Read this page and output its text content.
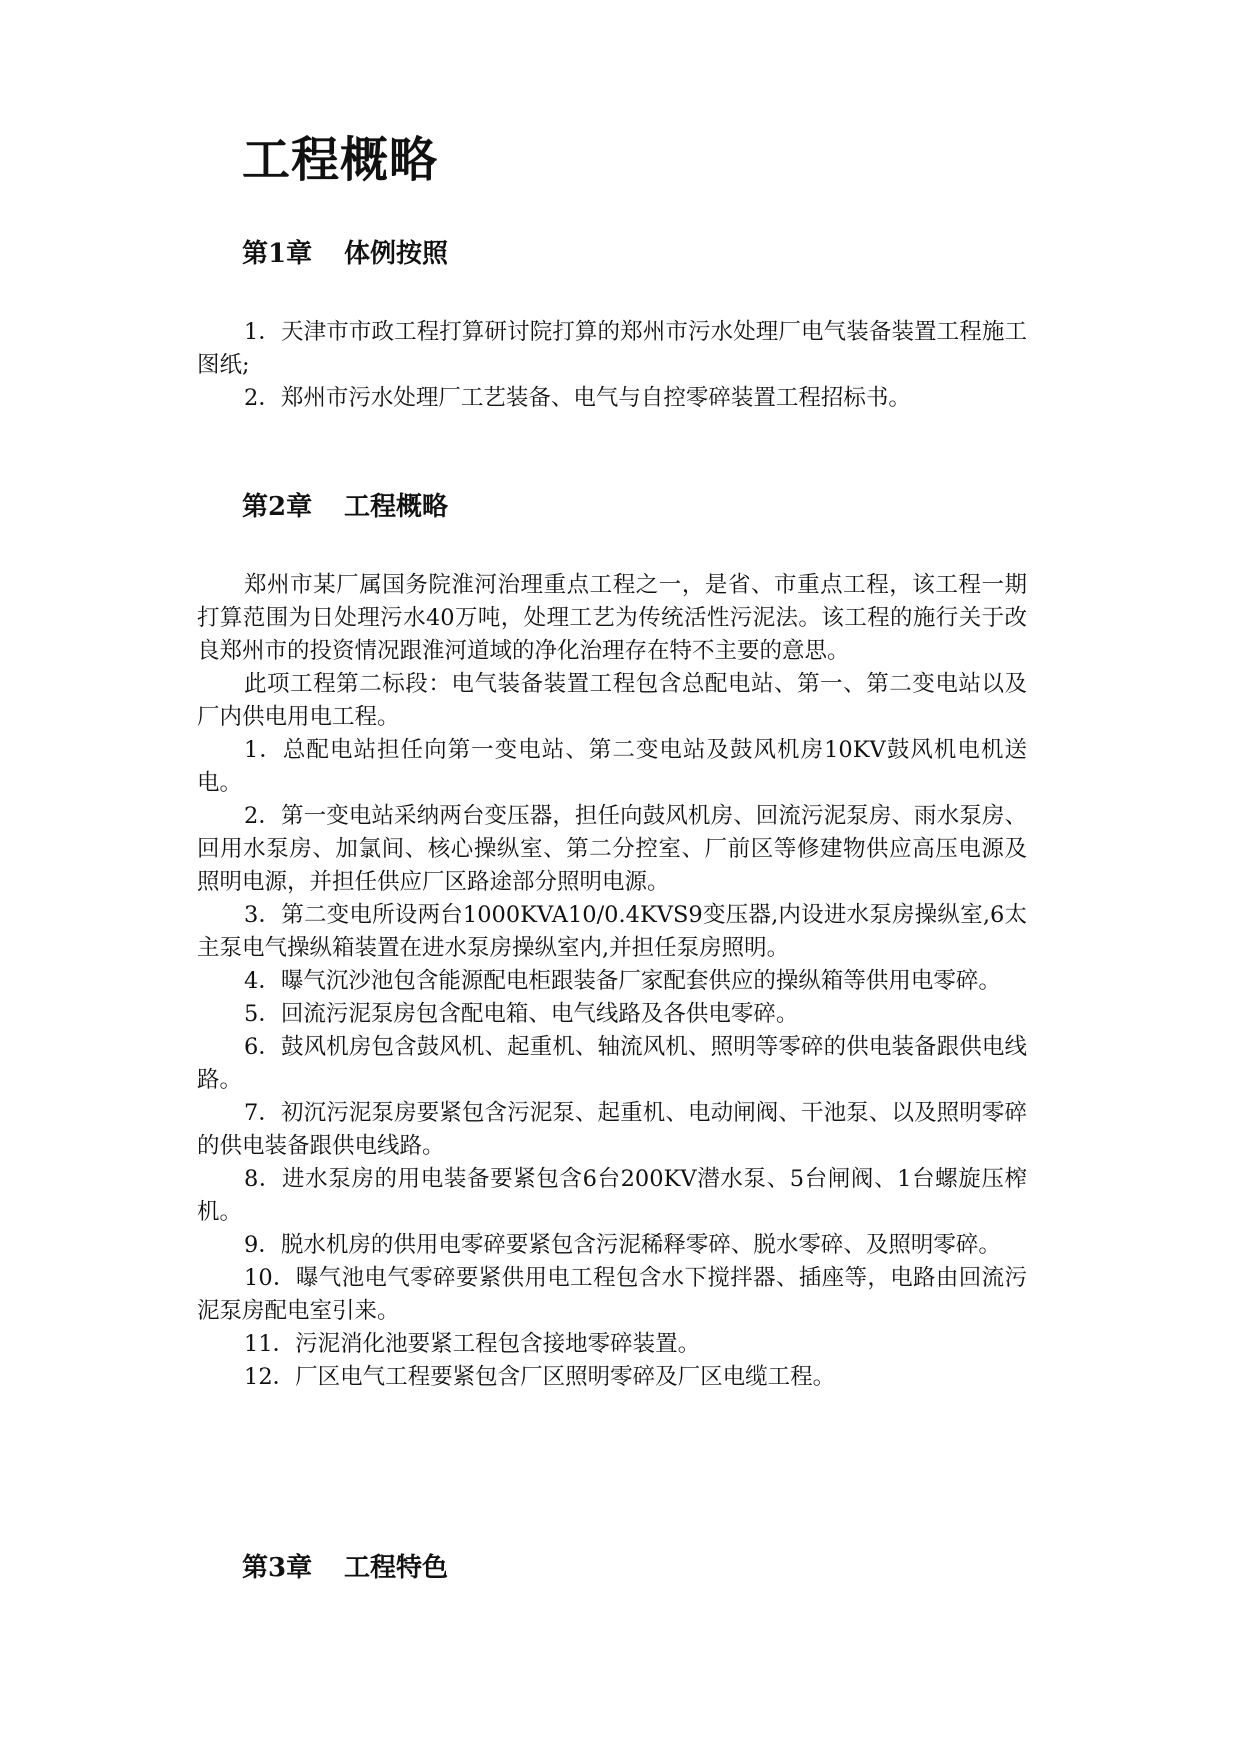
工程概略
第1章 体例按照

1．天津市市政工程打算研讨院打算的郑州市污水处理厂电气装备装置工程施工图纸;

2．郑州市污水处理厂工艺装备、电气与自控零碎装置工程招标书。

第2章 工程概略

郑州市某厂属国务院淮河治理重点工程之一，是省、市重点工程，该工程一期打算范围为日处理污水40万吨，处理工艺为传统活性污泥法。该工程的施行关于改良郑州市的投资情况跟淮河道域的净化治理存在特不主要的意思。

此项工程第二标段：电气装备装置工程包含总配电站、第一、第二变电站以及厂内供电用电工程。

1．总配电站担任向第一变电站、第二变电站及鼓风机房10KV鼓风机电机送电。

2．第一变电站采纳两台变压器，担任向鼓风机房、回流污泥泵房、雨水泵房、回用水泵房、加氯间、核心操纵室、第二分控室、厂前区等修建物供应高压电源及照明电源，并担任供应厂区路途部分照明电源。

3．第二变电所设两台1000KVA10/0.4KVS9变压器,内设进水泵房操纵室,6太主泵电气操纵箱装置在进水泵房操纵室内,并担任泵房照明。

4．曝气沉沙池包含能源配电柜跟装备厂家配套供应的操纵箱等供用电零碎。

5．回流污泥泵房包含配电箱、电气线路及各供电零碎。

6．鼓风机房包含鼓风机、起重机、轴流风机、照明等零碎的供电装备跟供电线路。

7．初沉污泥泵房要紧包含污泥泵、起重机、电动闸阀、干池泵、以及照明零碎的供电装备跟供电线路。

8．进水泵房的用电装备要紧包含6台200KV潜水泵、5台闸阀、1台螺旋压榨机。

9．脱水机房的供用电零碎要紧包含污泥稀释零碎、脱水零碎、及照明零碎。

10．曝气池电气零碎要紧供用电工程包含水下搅拌器、插座等，电路由回流污泥泵房配电室引来。

11．污泥消化池要紧工程包含接地零碎装置。

12．厂区电气工程要紧包含厂区照明零碎及厂区电缆工程。

第3章 工程特色
